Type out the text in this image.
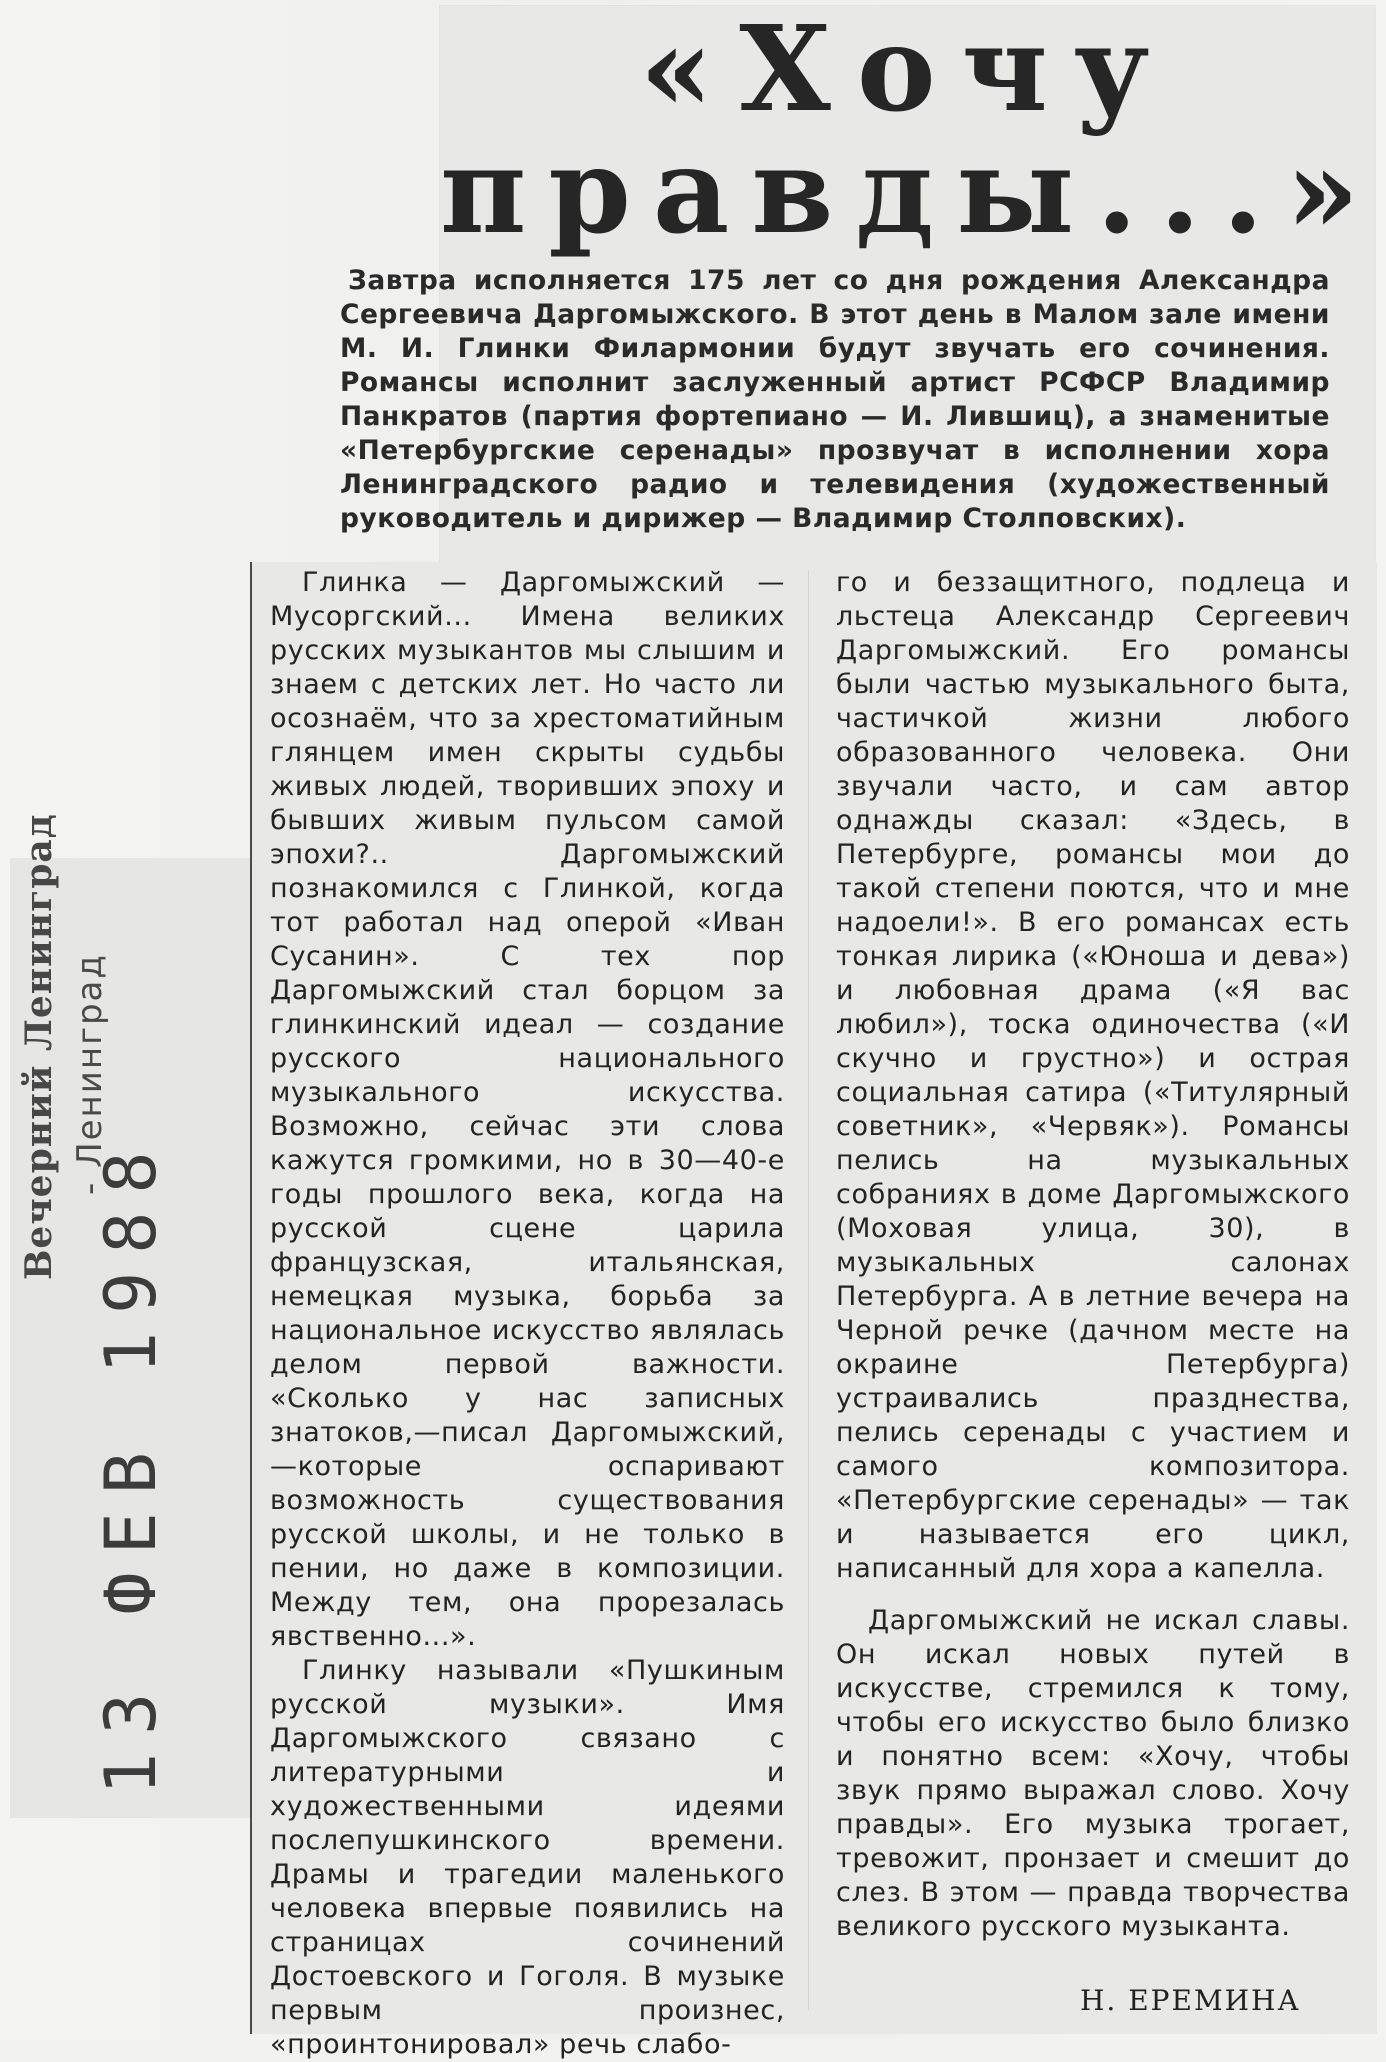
«Хочу
правды...»

Завтра исполняется 175 лет со дня рождения Александра Сергеевича Даргомыжского. В этот день в Малом зале имени М. И. Глинки Филармонии будут звучать его сочинения. Романсы исполнит заслуженный артист РСФСР Владимир Панкратов (партия фортепиано — И. Лившиц), а знаменитые «Петербургские серенады» прозвучат в исполнении хора Ленинградского радио и телевидения (художественный руководитель и дирижер — Владимир Столповских).

Глинка — Даргомыжский — Мусоргский... Имена великих русских музыкантов мы слышим и знаем с детских лет. Но часто ли осознаём, что за хрестоматийным глянцем имен скрыты судьбы живых людей, творивших эпоху и бывших живым пульсом самой эпохи?.. Даргомыжский познакомился с Глинкой, когда тот работал над оперой «Иван Сусанин». С тех пор Даргомыжский стал борцом за глинкинский идеал — создание русского национального музыкального искусства. Возможно, сейчас эти слова кажутся громкими, но в 30—40-е годы прошлого века, когда на русской сцене царила французская, итальянская, немецкая музыка, борьба за национальное искусство являлась делом первой важности. «Сколько у нас записных знатоков,—писал Даргомыжский,—которые оспаривают возможность существования русской школы, и не только в пении, но даже в композиции. Между тем, она прорезалась явственно...».

Глинку называли «Пушкиным русской музыки». Имя Даргомыжского связано с литературными и художественными идеями послепушкинского времени. Драмы и трагедии маленького человека впервые появились на страницах сочинений Достоевского и Гоголя. В музыке первым произнес, «проинтонировал» речь слабо-

го и беззащитного, подлеца и льстеца Александр Сергеевич Даргомыжский. Его романсы были частью музыкального быта, частичкой жизни любого образованного человека. Они звучали часто, и сам автор однажды сказал: «Здесь, в Петербурге, романсы мои до такой степени поются, что и мне надоели!». В его романсах есть тонкая лирика («Юноша и дева») и любовная драма («Я вас любил»), тоска одиночества («И скучно и грустно») и острая социальная сатира («Титулярный советник», «Червяк»). Романсы пелись на музыкальных собраниях в доме Даргомыжского (Моховая улица, 30), в музыкальных салонах Петербурга. А в летние вечера на Черной речке (дачном месте на окраине Петербурга) устраивались празднества, пелись серенады с участием и самого композитора. «Петербургские серенады» — так и называется его цикл, написанный для хора а капелла.

Даргомыжский не искал славы. Он искал новых путей в искусстве, стремился к тому, чтобы его искусство было близко и понятно всем: «Хочу, чтобы звук прямо выражал слово. Хочу правды». Его музыка трогает, тревожит, пронзает и смешит до слез. В этом — правда творчества великого русского музыканта.

Н. ЕРЕМИНА

Вечерний Ленинград - Ленинград

13 ФЕВ 1988
